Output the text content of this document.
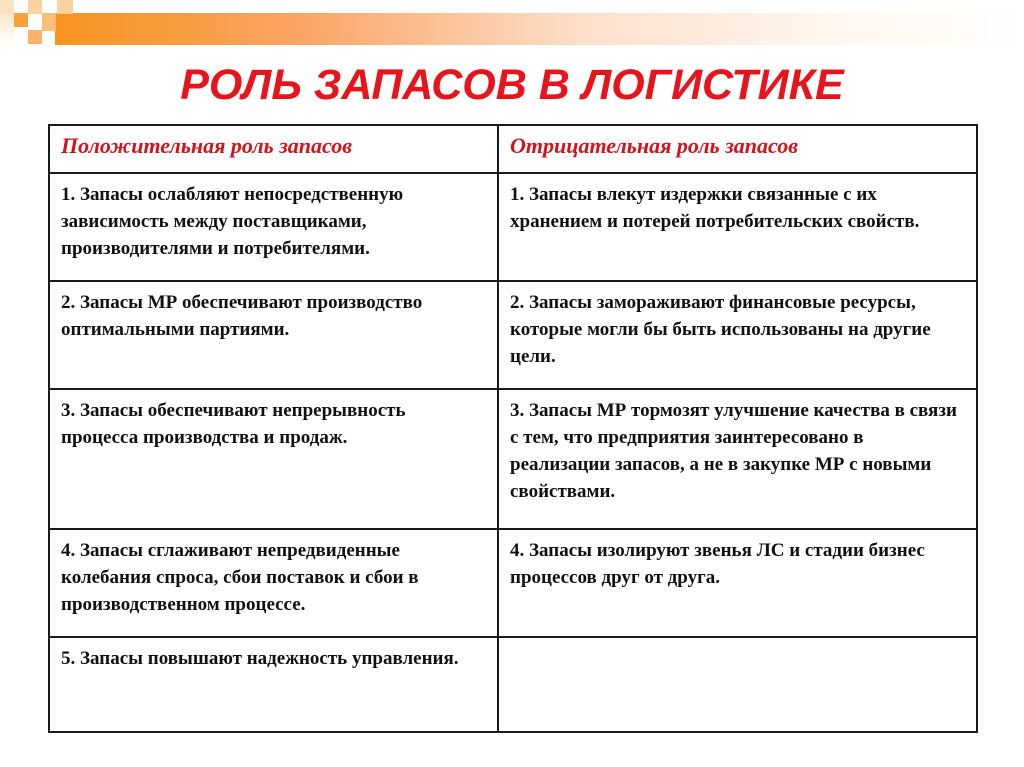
РОЛЬ ЗАПАСОВ В ЛОГИСТИКЕ
Положительная роль запасов	Отрицательная роль запасов
1. Запасы ослабляют непосредственную зависимость между поставщиками, производителями и потребителями.	1. Запасы влекут издержки связанные с их хранением и потерей потребительских свойств.
2. Запасы МР обеспечивают производство оптимальными партиями.	2. Запасы замораживают финансовые ресурсы, которые могли бы быть использованы на другие цели.
3. Запасы обеспечивают непрерывность процесса производства и продаж.	3. Запасы МР тормозят улучшение качества в связи с тем, что предприятия заинтересовано в реализации запасов, а не в закупке МР с новыми свойствами.
4. Запасы сглаживают непредвиденные колебания спроса, сбои поставок и сбои в производственном процессе.	4. Запасы изолируют звенья ЛС и стадии бизнес процессов друг от друга.
5. Запасы повышают надежность управления.	
